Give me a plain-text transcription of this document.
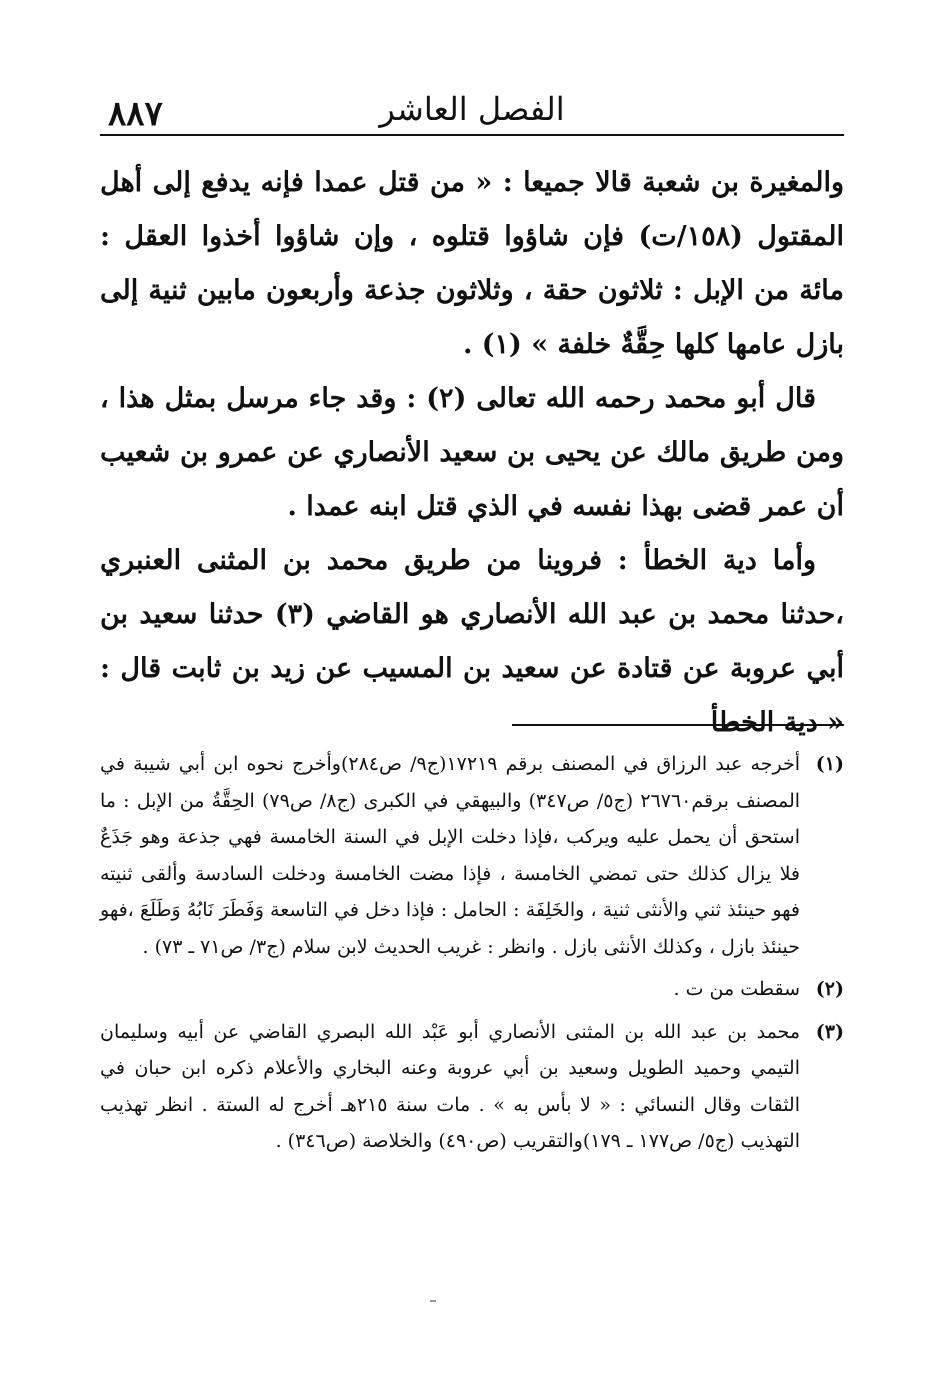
٨٨٧	الفصل العاشر

والمغيرة بن شعبة قالا جميعا : « من قتل عمدا فإنه يدفع إلى أهل المقتول (١٥٨/ت) فإن شاؤوا قتلوه ، وإن شاؤوا أخذوا العقل : مائة من الإبل : ثلاثون حقة ، وثلاثون جذعة وأربعون مابين ثنية إلى بازل عامها كلها حِقَّةٌ خلفة » (١) .

قال أبو محمد رحمه الله تعالى (٢) : وقد جاء مرسل بمثل هذا ، ومن طريق مالك عن يحيى بن سعيد الأنصاري عن عمرو بن شعيب أن عمر قضى بهذا نفسه في الذي قتل ابنه عمدا .

وأما دية الخطأ : فروينا من طريق محمد بن المثنى العنبري ،حدثنا محمد بن عبد الله الأنصاري هو القاضي (٣) حدثنا سعيد بن أبي عروبة عن قتادة عن سعيد بن المسيب عن زيد بن ثابت قال : « دية الخطأ

(١)
أخرجه عبد الرزاق في المصنف برقم ١٧٢١٩(ج٩/ ص٢٨٤)وأخرج نحوه ابن أبي شيبة في المصنف برقم٢٦٧٦٠ (ج٥/ ص٣٤٧) والبيهقي في الكبرى (ج٨/ ص٧٩) الحِقَّةُ من الإبل : ما استحق أن يحمل عليه ويركب ،فإذا دخلت الإبل في السنة الخامسة فهي جذعة وهو جَذَعٌ فلا يزال كذلك حتى تمضي الخامسة ، فإذا مضت الخامسة ودخلت السادسة وألقى ثنيته فهو حينئذ ثني والأنثى ثنية ، والخَلِفَة : الحامل : فإذا دخل في التاسعة وَفَطَرَ نَابُهُ وَطَلَعَ ،فهو حينئذ بازل ، وكذلك الأنثى بازل . وانظر : غريب الحديث لابن سلام (ج٣/ ص٧١ ـ ٧٣) .
(٢)
سقطت من ت .
(٣)
محمد بن عبد الله بن المثنى الأنصاري أبو عَبْد الله البصري القاضي عن أبيه وسليمان التيمي وحميد الطويل وسعيد بن أبي عروبة وعنه البخاري والأعلام ذكره ابن حبان في الثقات وقال النسائي : « لا بأس به » . مات سنة ٢١٥هـ أخرج له الستة . انظر تهذيب التهذيب (ج٥/ ص١٧٧ ـ ١٧٩)والتقريب (ص٤٩٠) والخلاصة (ص٣٤٦) .
